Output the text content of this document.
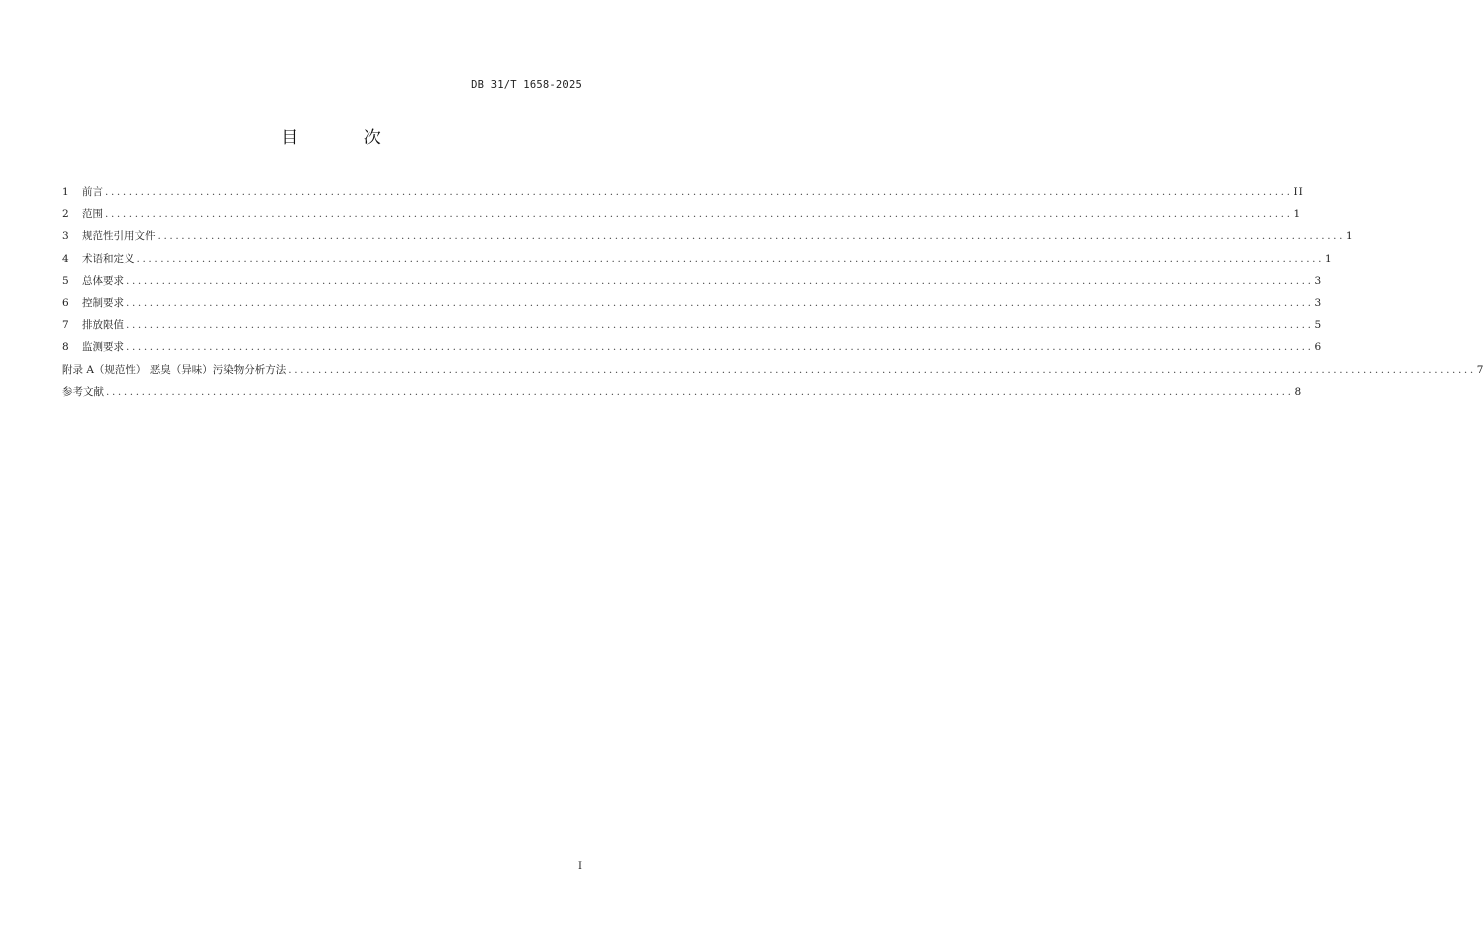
DB 31/T 1658-2025
目 次
1	前言 ........................................................................................................................................................................................................ II
2	范围 ........................................................................................................................................................................................................ 1
3	规范性引用文件 ........................................................................................................................................................................................................ 1
4	术语和定义 ........................................................................................................................................................................................................ 1
5	总体要求 ........................................................................................................................................................................................................ 3
6	控制要求 ........................................................................................................................................................................................................ 3
7	排放限值 ........................................................................................................................................................................................................ 5
8	监测要求 ........................................................................................................................................................................................................ 6
附录 A（规范性） 恶臭（异味）污染物分析方法 ........................................................................................................................................................................................................ 7
参考文献 ........................................................................................................................................................................................................ 8
I
